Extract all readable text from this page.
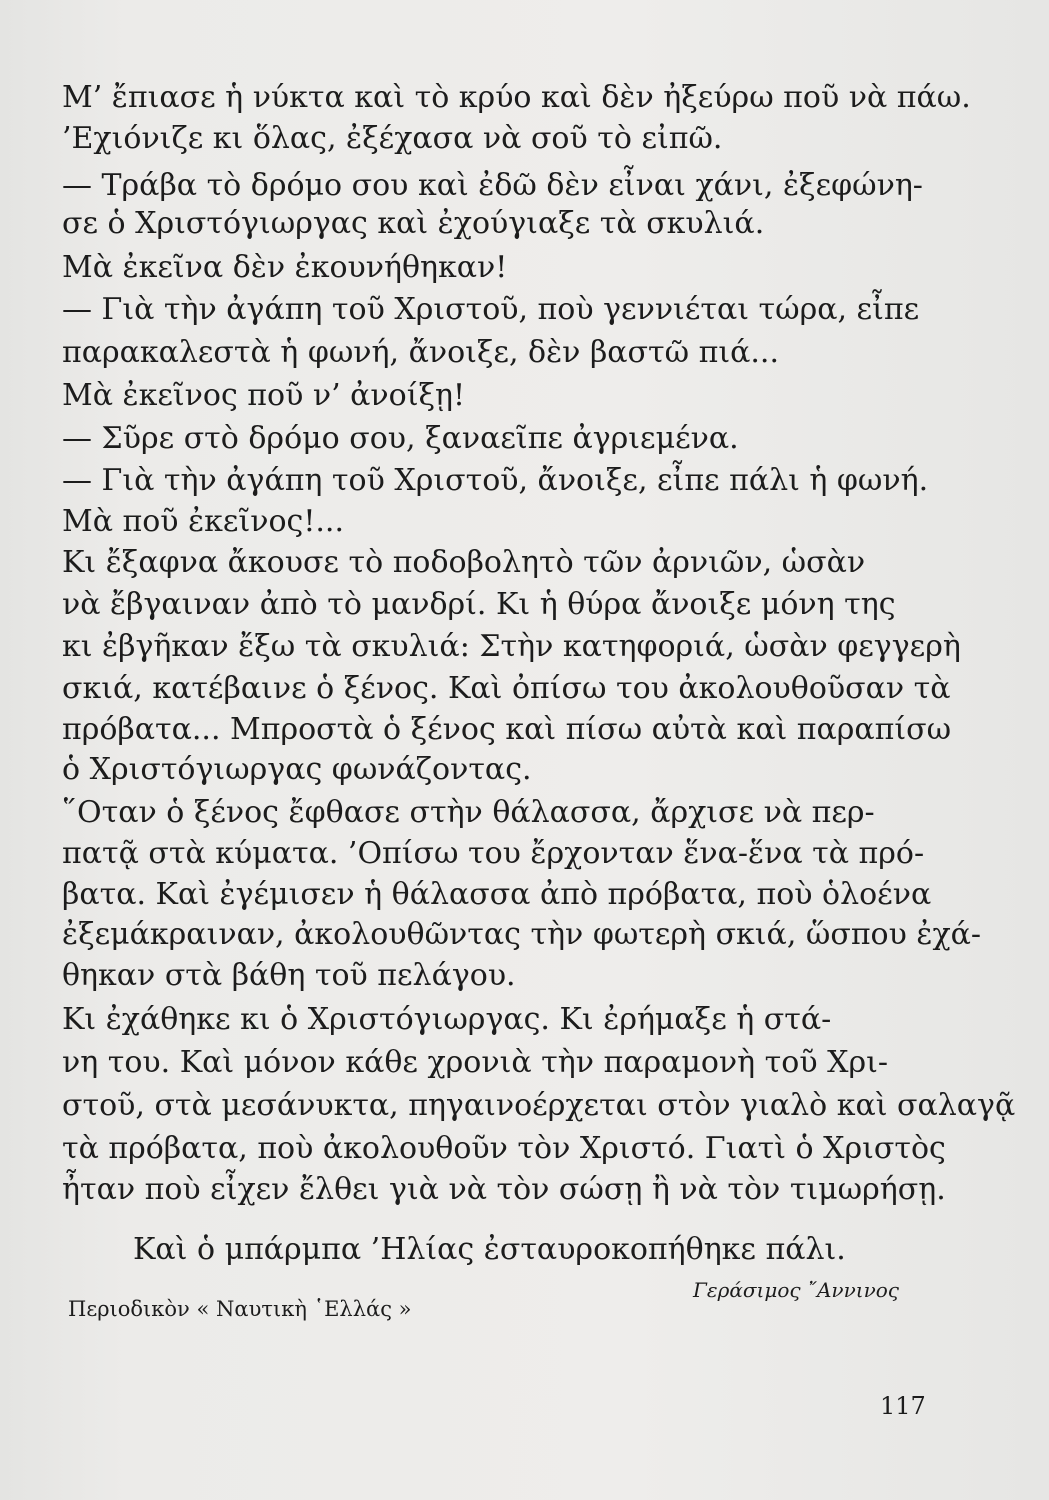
Μ’ ἔπιασε ἡ νύκτα καὶ τὸ κρύο καὶ δὲν ἠξεύρω ποῦ νὰ πάω.
’Εχιόνιζε κι ὅλας, ἐξέχασα νὰ σοῦ τὸ εἰπῶ.
— Τράβα τὸ δρόμο σου καὶ ἐδῶ δὲν εἶναι χάνι, ἐξεφώνη-
σε ὁ Χριστόγιωργας καὶ ἐχούγιαξε τὰ σκυλιά.
Μὰ ἐκεῖνα δὲν ἐκουνήθηκαν!
— Γιὰ τὴν ἀγάπη τοῦ Χριστοῦ, ποὺ γεννιέται τώρα, εἶπε
παρακαλεστὰ ἡ φωνή, ἄνοιξε, δὲν βαστῶ πιά...
Μὰ ἐκεῖνος ποῦ ν’ ἀνοίξῃ!
— Σῦρε στὸ δρόμο σου, ξαναεῖπε ἀγριεμένα.
— Γιὰ τὴν ἀγάπη τοῦ Χριστοῦ, ἄνοιξε, εἶπε πάλι ἡ φωνή.
Μὰ ποῦ ἐκεῖνος!...
Κι ἔξαφνα ἄκουσε τὸ ποδοβολητὸ τῶν ἀρνιῶν, ὡσὰν
νὰ ἔβγαιναν ἀπὸ τὸ μανδρί. Κι ἡ θύρα ἄνοιξε μόνη της
κι ἐβγῆκαν ἔξω τὰ σκυλιά: Στὴν κατηφοριά, ὡσὰν φεγγερὴ
σκιά, κατέβαινε ὁ ξένος. Καὶ ὀπίσω του ἀκολουθοῦσαν τὰ
πρόβατα... Μπροστὰ ὁ ξένος καὶ πίσω αὐτὰ καὶ παραπίσω
ὁ Χριστόγιωργας φωνάζοντας.
῞Οταν ὁ ξένος ἔφθασε στὴν θάλασσα, ἄρχισε νὰ περ-
πατᾷ στὰ κύματα. ’Οπίσω του ἔρχονταν ἕνα-ἕνα τὰ πρό-
βατα. Καὶ ἐγέμισεν ἡ θάλασσα ἀπὸ πρόβατα, ποὺ ὁλοένα
ἐξεμάκραιναν, ἀκολουθῶντας τὴν φωτερὴ σκιά, ὥσπου ἐχά-
θηκαν στὰ βάθη τοῦ πελάγου.
Κι ἐχάθηκε κι ὁ Χριστόγιωργας. Κι ἐρήμαξε ἡ στά-
νη του. Καὶ μόνον κάθε χρονιὰ τὴν παραμονὴ τοῦ Χρι-
στοῦ, στὰ μεσάνυκτα, πηγαινοέρχεται στὸν γιαλὸ καὶ σαλαγᾷ
τὰ πρόβατα, ποὺ ἀκολουθοῦν τὸν Χριστό. Γιατὶ ὁ Χριστὸς
ἦταν ποὺ εἶχεν ἔλθει γιὰ νὰ τὸν σώσῃ ἢ νὰ τὸν τιμωρήσῃ.
Καὶ ὁ μπάρμπα ’Ηλίας ἐσταυροκοπήθηκε πάλι.
Γεράσιμος ῎Αννινος
Περιοδικὸν « Ναυτικὴ ῾Ελλάς »
117
